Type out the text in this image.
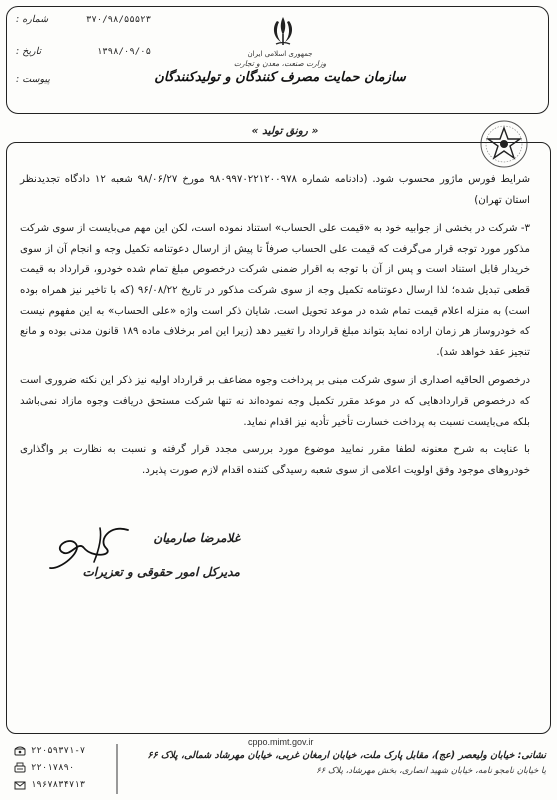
جمهوری اسلامی ایران
وزارت صنعت، معدن و تجارت
سازمان حمایت مصرف کنندگان و تولیدکنندگان
شماره :	۳۷۰/۹۸/۵۵۵۲۳
تاریخ :	۱۳۹۸/۰۹/۰۵
پیوست :
« رونق تولید »

شرایط فورس ماژور محسوب شود. (دادنامه شماره ۹۸۰۹۹۷۰۲۲۱۲۰۰۹۷۸ مورخ ۹۸/۰۶/۲۷ شعبه ۱۲ دادگاه تجدیدنظر استان تهران)

۳- شرکت در بخشی از جوابیه خود به «قیمت علی الحساب» استناد نموده است، لکن این مهم می‌بایست از سوی شرکت مذکور مورد توجه قرار می‌گرفت که قیمت علی الحساب صرفاً تا پیش از ارسال دعوتنامه تکمیل وجه و انجام آن از سوی خریدار قابل استناد است و پس از آن با توجه به اقرار ضمنی شرکت درخصوص مبلغ تمام شده خودرو، قرارداد به قیمت قطعی تبدیل شده؛ لذا ارسال دعوتنامه تکمیل وجه از سوی شرکت مذکور در تاریخ ۹۶/۰۸/۲۲ (که با تاخیر نیز همراه بوده است) به منزله اعلام قیمت تمام شده در موعد تحویل است. شایان ذکر است واژه «علی الحساب» به این مفهوم نیست که خودروساز هر زمان اراده نماید بتواند مبلغ قرارداد را تغییر دهد (زیرا این امر برخلاف ماده ۱۸۹ قانون مدنی بوده و مانع تنجیز عقد خواهد شد).

درخصوص الحاقیه اصداری از سوی شرکت مبنی بر پرداخت وجوه مضاعف بر قرارداد اولیه نیز ذکر این نکته ضروری است که درخصوص قراردادهایی که در موعد مقرر تکمیل وجه نموده‌اند نه تنها شرکت مستحق دریافت وجوه مازاد نمی‌باشد بلکه می‌بایست نسبت به پرداخت خسارت تأخیر تأدیه نیز اقدام نماید.

با عنایت به شرح معنونه لطفا مقرر نمایید موضوع مورد بررسی مجدد قرار گرفته و نسبت به نظارت بر واگذاری خودروهای موجود وفق اولویت اعلامی از سوی شعبه رسیدگی کننده اقدام لازم صورت پذیرد.

غلامرضا صارمیان
مدیرکل امور حقوقی و تعزیرات
cppo.mimt.gov.ir
نشانی: خیابان ولیعصر (عج)، مقابل پارک ملت، خیابان ارمغان غربی، خیابان مهرشاد شمالی، پلاک ۶۶
یا خیابان نامجو نامه، خیابان شهید انصاری، بخش مهرشاد، پلاک ۶۶
۲۲۰۵۹۳۷۱-۷
۲۲۰۱۷۸۹۰
۱۹۶۷۸۳۴۷۱۳
